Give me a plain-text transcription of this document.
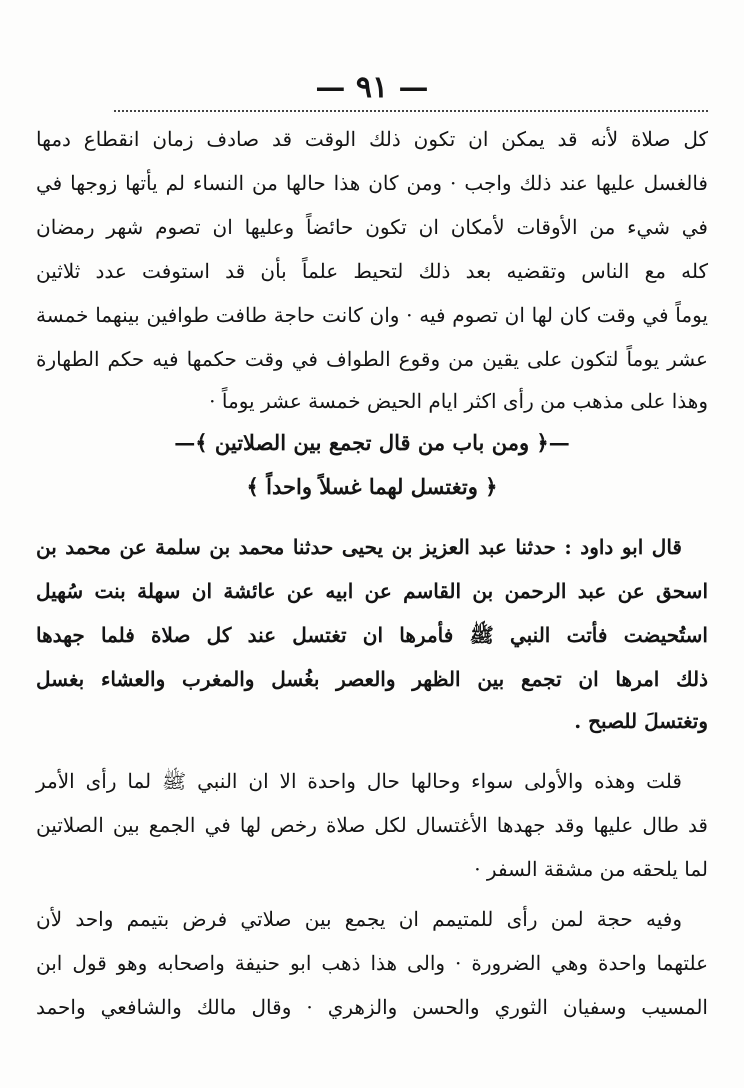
— ٩١ —
كل صلاة لأنه قد يمكن ان تكون ذلك الوقت قد صادف زمان انقطاع دمها
فالغسل عليها عند ذلك واجب · ومن كان هذا حالها من النساء لم يأتها زوجها في
في شيء من الأوقات لأمكان ان تكون حائضاً وعليها ان تصوم شهر رمضان
كله مع الناس وتقضيه بعد ذلك لتحيط علماً بأن قد استوفت عدد ثلاثين
يوماً في وقت كان لها ان تصوم فيه · وان كانت حاجة طافت طوافين بينهما خمسة
عشر يوماً لتكون على يقين من وقوع الطواف في وقت حكمها فيه حكم الطهارة
وهذا على مذهب من رأى اكثر ايام الحيض خمسة عشر يوماً ·
—﴿ ومن باب من قال تجمع بين الصلاتين ﴾—
﴿ وتغتسل لهما غسلاً واحداً ﴾
قال ابو داود : حدثنا عبد العزيز بن يحيى حدثنا محمد بن سلمة عن محمد بن
اسحق عن عبد الرحمن بن القاسم عن ابيه عن عائشة ان سهلة بنت سُهيل
استُحيضت فأتت النبي ﷺ فأمرها ان تغتسل عند كل صلاة فلما جهدها
ذلك امرها ان تجمع بين الظهر والعصر بغُسل والمغرب والعشاء بغسل
وتغتسلَ للصبح .
قلت وهذه والأولى سواء وحالها حال واحدة الا ان النبي ﷺ لما رأى الأمر
قد طال عليها وقد جهدها الأغتسال لكل صلاة رخص لها في الجمع بين الصلاتين
لما يلحقه من مشقة السفر ·
وفيه حجة لمن رأى للمتيمم ان يجمع بين صلاتي فرض بتيمم واحد لأن
علتهما واحدة وهي الضرورة · والى هذا ذهب ابو حنيفة واصحابه وهو قول ابن
المسيب وسفيان الثوري والحسن والزهري · وقال مالك والشافعي واحمد
